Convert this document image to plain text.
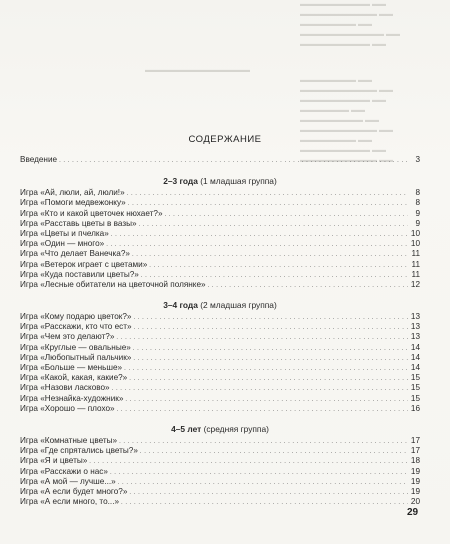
▬▬▬▬▬▬▬▬▬▬ ▬▬
▬▬▬▬▬▬▬▬▬▬▬ ▬▬
▬▬▬▬▬▬▬▬ ▬▬
▬▬▬▬▬▬▬▬▬▬▬▬ ▬▬
▬▬▬▬▬▬▬▬▬▬ ▬▬
▬▬▬▬▬▬▬▬▬▬▬▬▬▬▬
▬▬▬▬▬▬▬▬ ▬▬
▬▬▬▬▬▬▬▬▬▬▬ ▬▬
▬▬▬▬▬▬▬▬▬▬ ▬▬
▬▬▬▬▬▬▬ ▬▬
▬▬▬▬▬▬▬▬▬ ▬▬
▬▬▬▬▬▬▬▬▬▬▬ ▬▬
▬▬▬▬▬▬▬▬ ▬▬
▬▬▬▬▬▬▬▬▬▬ ▬▬
▬▬▬▬▬▬▬▬▬▬▬ ▬▬
СОДЕРЖАНИЕ
Введение . . .	3
2–3 года (1 младшая группа)
Игра «Ай, люли, ай, люли!» . . .	8
Игра «Помоги медвежонку» . . .	8
Игра «Кто и какой цветочек нюхает?» . . .	9
Игра «Расставь цветы в вазы» . . .	9
Игра «Цветы и пчелка» . . .	10
Игра «Один — много» . . .	10
Игра «Что делает Ванечка?» . . .	11
Игра «Ветерок играет с цветами» . . .	11
Игра «Куда поставили цветы?» . . .	11
Игра «Лесные обитатели на цветочной полянке» . . .	12
3–4 года (2 младшая группа)
Игра «Кому подарю цветок?» . . .	13
Игра «Расскажи, кто что ест» . . .	13
Игра «Чем это делают?» . . .	13
Игра «Круглые — овальные» . . .	14
Игра «Любопытный пальчик» . . .	14
Игра «Больше — меньше» . . .	14
Игра «Какой, какая, какие?» . . .	15
Игра «Назови ласково» . . .	15
Игра «Незнайка-художник» . . .	15
Игра «Хорошо — плохо» . . .	16
4–5 лет (средняя группа)
Игра «Комнатные цветы» . . .	17
Игра «Где спрятались цветы?» . . .	17
Игра «Я и цветы» . . .	18
Игра «Расскажи о нас» . . .	19
Игра «А мой — лучше...» . . .	19
Игра «А если будет много?» . . .	19
Игра «А если много, то...» . . .	20
29
